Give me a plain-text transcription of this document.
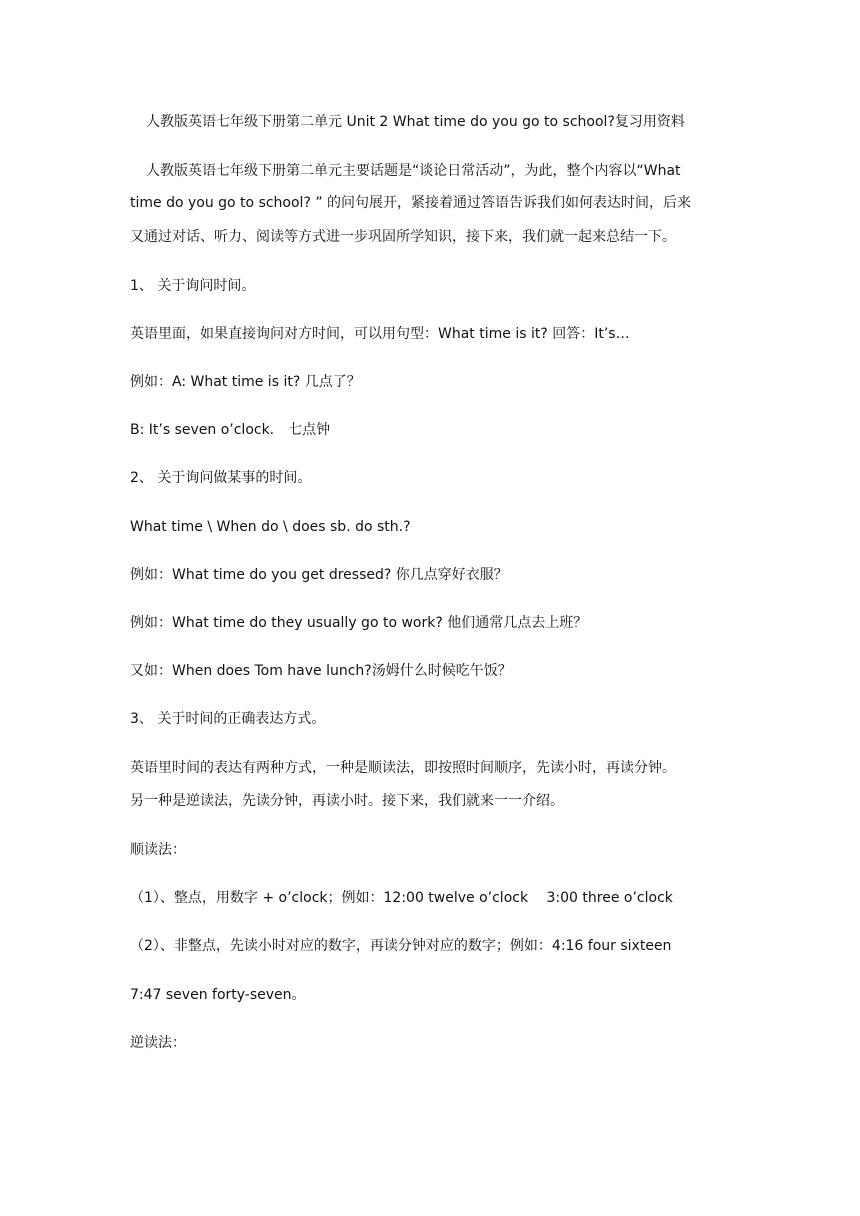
人教版英语七年级下册第二单元 Unit 2 What time do you go to school?复习用资料
人教版英语七年级下册第二单元主要话题是“谈论日常活动”，为此，整个内容以“What
time do you go to school? ” 的问句展开，紧接着通过答语告诉我们如何表达时间，后来
又通过对话、听力、阅读等方式进一步巩固所学知识，接下来，我们就一起来总结一下。
1、 关于询问时间。
英语里面，如果直接询问对方时间，可以用句型：What time is it? 回答：It’s…
例如：A: What time is it? 几点了？
B: It’s seven o’clock.　七点钟
2、 关于询问做某事的时间。
What time \ When do \ does sb. do sth.?
例如：What time do you get dressed? 你几点穿好衣服？
例如：What time do they usually go to work? 他们通常几点去上班？
又如：When does Tom have lunch?汤姆什么时候吃午饭？
3、 关于时间的正确表达方式。
英语里时间的表达有两种方式，一种是顺读法，即按照时间顺序，先读小时，再读分钟。
另一种是逆读法，先读分钟，再读小时。接下来，我们就来一一介绍。
顺读法：
（1）、整点，用数字 + o’clock；例如：12:00 twelve o’clock　 3:00 three o’clock
（2）、非整点，先读小时对应的数字，再读分钟对应的数字；例如：4:16 four sixteen
7:47 seven forty-seven。
逆读法：
